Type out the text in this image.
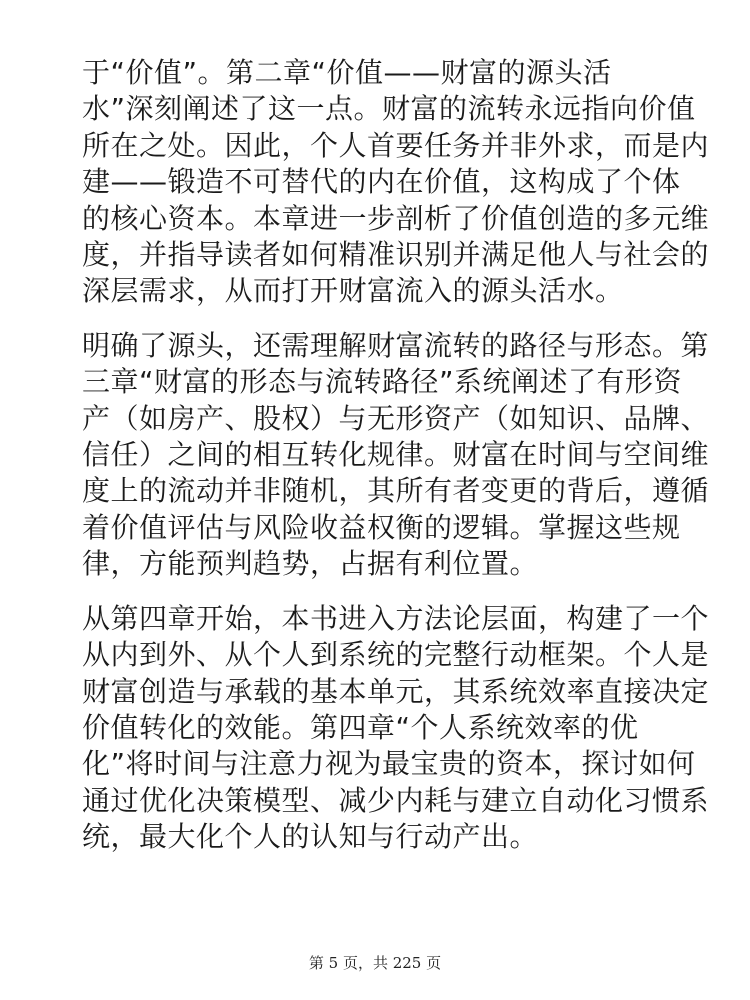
于“价值”。第二章“价值——财富的源头活
水”深刻阐述了这一点。财富的流转永远指向价值
所在之处。因此，个人首要任务并非外求，而是内
建——锻造不可替代的内在价值，这构成了个体
的核心资本。本章进一步剖析了价值创造的多元维
度，并指导读者如何精准识别并满足他人与社会的
深层需求，从而打开财富流入的源头活水。

明确了源头，还需理解财富流转的路径与形态。第
三章“财富的形态与流转路径”系统阐述了有形资
产（如房产、股权）与无形资产（如知识、品牌、
信任）之间的相互转化规律。财富在时间与空间维
度上的流动并非随机，其所有者变更的背后，遵循
着价值评估与风险收益权衡的逻辑。掌握这些规
律，方能预判趋势，占据有利位置。

从第四章开始，本书进入方法论层面，构建了一个
从内到外、从个人到系统的完整行动框架。个人是
财富创造与承载的基本单元，其系统效率直接决定
价值转化的效能。第四章“个人系统效率的优
化”将时间与注意力视为最宝贵的资本，探讨如何
通过优化决策模型、减少内耗与建立自动化习惯系
统，最大化个人的认知与行动产出。

第 5 页，共 225 页
